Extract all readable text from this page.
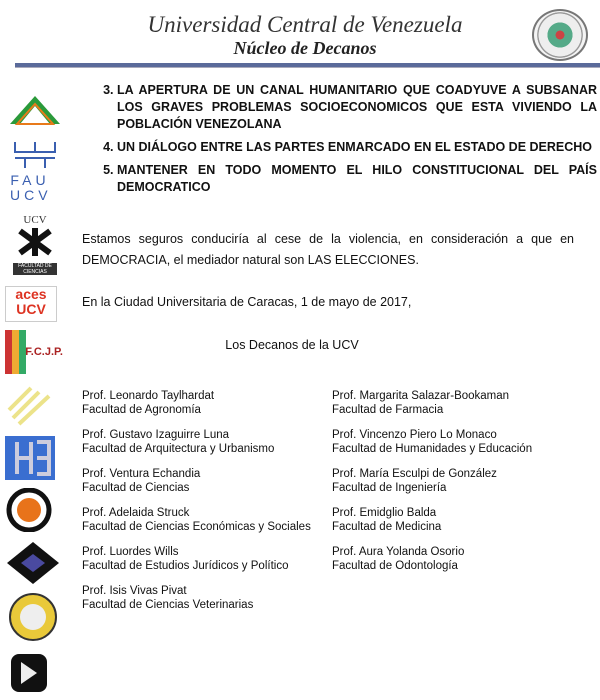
Universidad Central de Venezuela
Núcleo de Decanos
FAU UCV
UCV
FACULTAD DE CIENCIAS
aces UCV
F.C.J.P.
3. LA APERTURA DE UN CANAL HUMANITARIO QUE COADYUVE A SUBSANAR LOS GRAVES PROBLEMAS SOCIOECONOMICOS QUE ESTA VIVIENDO LA POBLACIÓN VENEZOLANA
4. UN DIÁLOGO ENTRE LAS PARTES ENMARCADO EN EL ESTADO DE DERECHO
5. MANTENER EN TODO MOMENTO EL HILO CONSTITUCIONAL DEL PAÍS DEMOCRATICO
Estamos seguros conduciría al cese de la violencia, en consideración a que en DEMOCRACIA, el mediador natural son LAS ELECCIONES.
En la Ciudad Universitaria de Caracas, 1 de mayo de 2017,
Los Decanos de la UCV
Prof. Leonardo Taylhardat
Facultad de Agronomía
Prof. Gustavo Izaguirre Luna
Facultad de Arquitectura y Urbanismo
Prof. Ventura Echandia
Facultad de Ciencias
Prof. Adelaida Struck
Facultad de Ciencias Económicas y Sociales
Prof. Luordes Wills
Facultad de Estudios Jurídicos y Político
Prof. Isis Vivas Pivat
Facultad de Ciencias Veterinarias
Prof. Margarita Salazar-Bookaman
Facultad de Farmacia
Prof. Vincenzo Piero Lo Monaco
Facultad de Humanidades y Educación
Prof. María Esculpi de González
Facultad de Ingeniería
Prof. Emidglio Balda
Facultad de Medicina
Prof. Aura Yolanda Osorio
Facultad de Odontología
